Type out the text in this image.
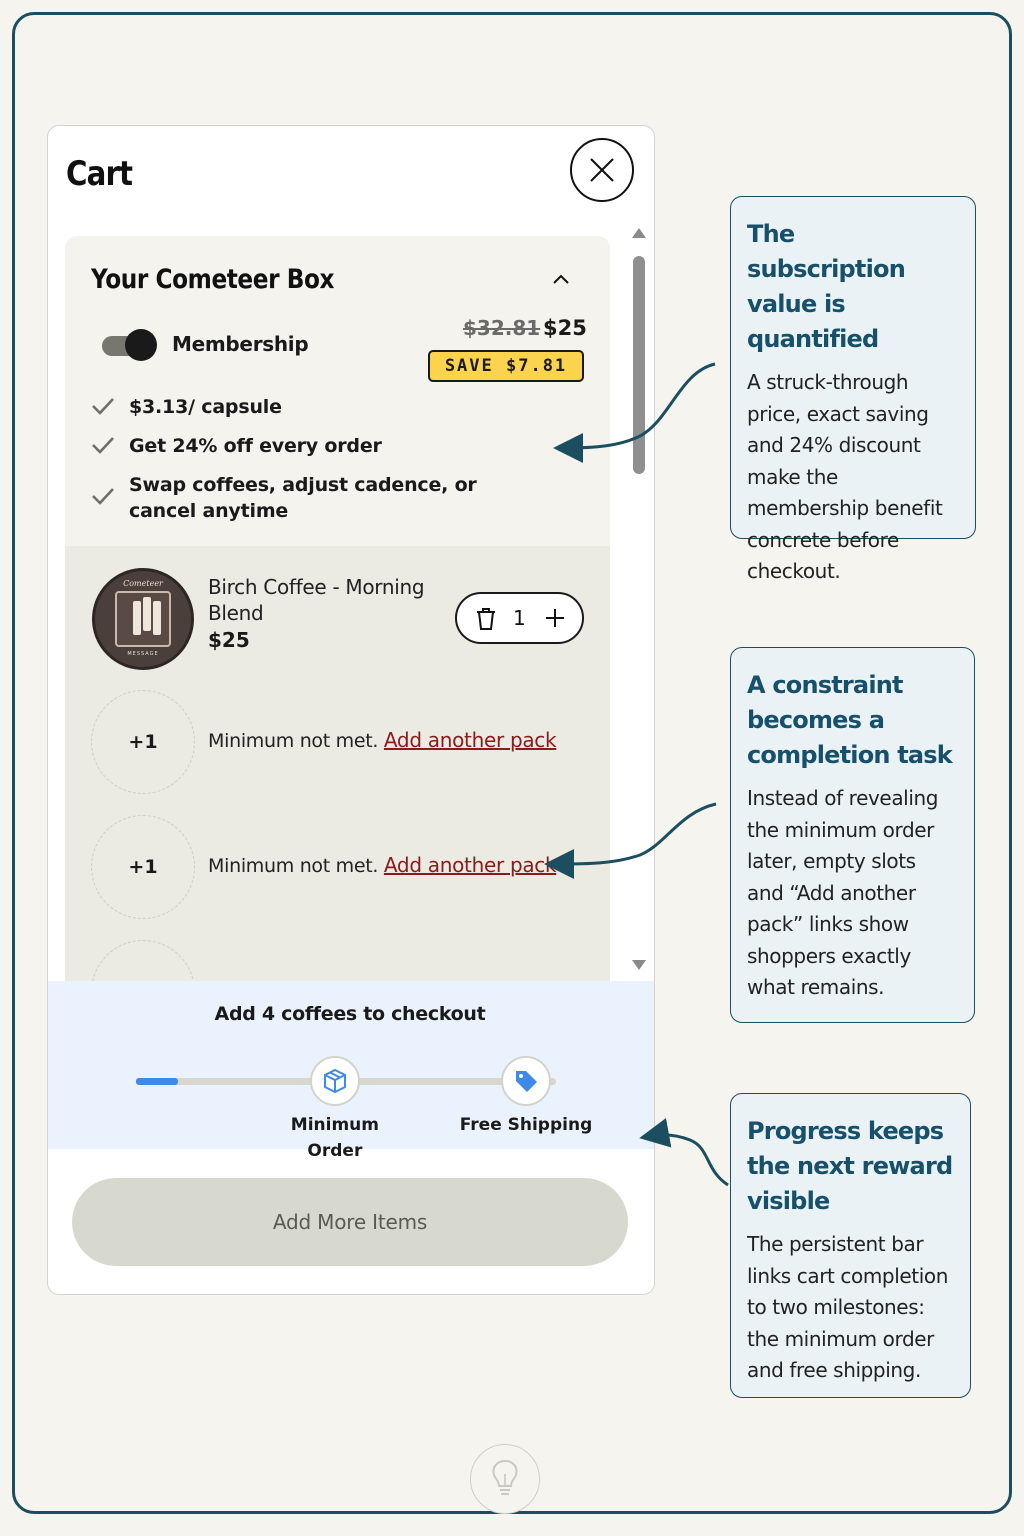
Cart
Your Cometeer Box
Membership
$32.81 $25
SAVE $7.81
$3.13/ capsule
Get 24% off every order
Swap coffees, adjust cadence, or cancel anytime
Cometeer
MESSAGE
Birch Coffee - Morning Blend
$25
1
+1	Minimum not met. Add another pack
+1	Minimum not met. Add another pack
Add 4 coffees to checkout
Minimum Order
Free Shipping
Add More Items
The subscription value is quantified
A struck-through price, exact saving and 24% discount make the membership benefit concrete before checkout.
A constraint becomes a completion task
Instead of revealing the minimum order later, empty slots and “Add another pack” links show shoppers exactly what remains.
Progress keeps the next reward visible
The persistent bar links cart completion to two milestones: the minimum order and free shipping.
